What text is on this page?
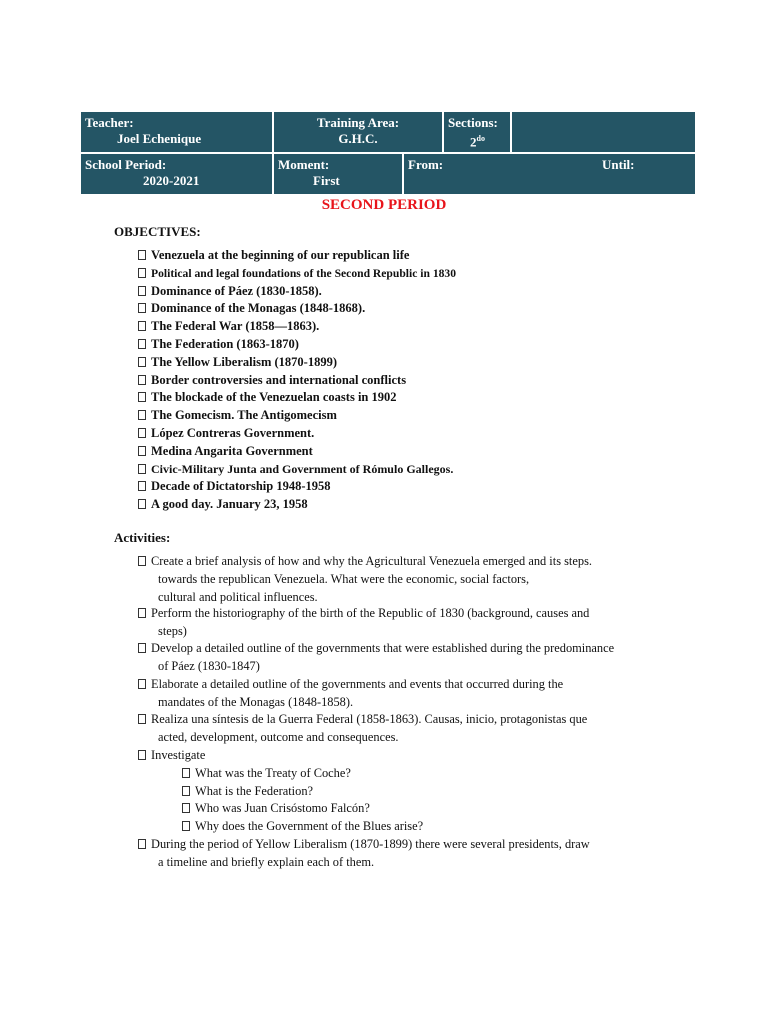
Teacher:
Joel Echenique
Training Area:
G.H.C.
Sections:
$2^{do}$
School Period:
2020-2021
Moment:
First
From:	Until:
SECOND PERIOD
OBJECTIVES:
Venezuela at the beginning of our republican life
Political and legal foundations of the Second Republic in 1830
Dominance of Páez (1830-1858).
Dominance of the Monagas (1848-1868).
The Federal War (1858—1863).
The Federation (1863-1870)
The Yellow Liberalism (1870-1899)
Border controversies and international conflicts
The blockade of the Venezuelan coasts in 1902
The Gomecism. The Antigomecism
López Contreras Government.
Medina Angarita Government
Civic-Military Junta and Government of Rómulo Gallegos.
Decade of Dictatorship 1948-1958
A good day. January 23, 1958
Activities:
Create a brief analysis of how and why the Agricultural Venezuela emerged and its steps.
towards the republican Venezuela. What were the economic, social factors,
cultural and political influences.
Perform the historiography of the birth of the Republic of 1830 (background, causes and
steps)
Develop a detailed outline of the governments that were established during the predominance
of Páez (1830-1847)
Elaborate a detailed outline of the governments and events that occurred during the
mandates of the Monagas (1848-1858).
Realiza una síntesis de la Guerra Federal (1858-1863). Causas, inicio, protagonistas que
acted, development, outcome and consequences.
Investigate
What was the Treaty of Coche?
What is the Federation?
Who was Juan Crisóstomo Falcón?
Why does the Government of the Blues arise?
During the period of Yellow Liberalism (1870-1899) there were several presidents, draw
a timeline and briefly explain each of them.
